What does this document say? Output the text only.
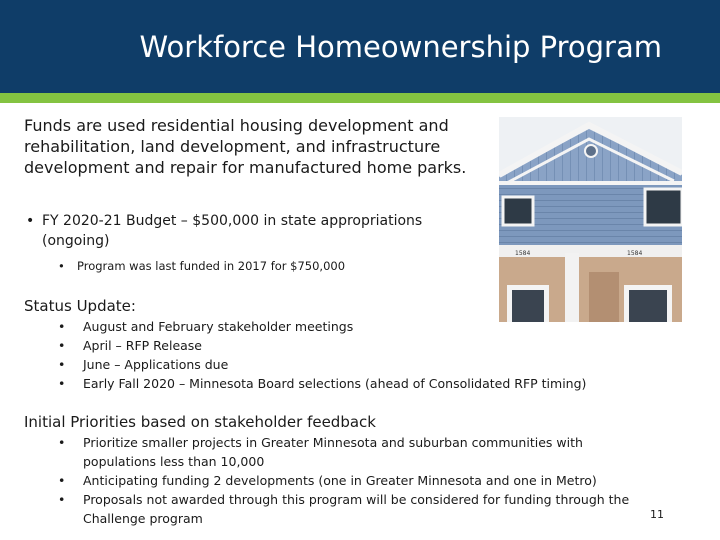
Workforce Homeownership Program
Funds are used residential housing development and rehabilitation, land development, and infrastructure development and repair for manufactured home parks.
• FY 2020-21 Budget – $500,000 in state appropriations (ongoing)
•	Program was last funded in 2017 for $750,000
Status Update:
•	August and February stakeholder meetings
•	April – RFP Release
•	June – Applications due
•	Early Fall 2020 – Minnesota Board selections (ahead of Consolidated RFP timing)
Initial Priorities based on stakeholder feedback
•	Prioritize smaller projects in Greater Minnesota and suburban communities with populations less than 10,000
•	Anticipating funding 2 developments (one in Greater Minnesota and one in Metro)
•	Proposals not awarded through this program will be considered for funding through the Challenge program
1584	1584
11
